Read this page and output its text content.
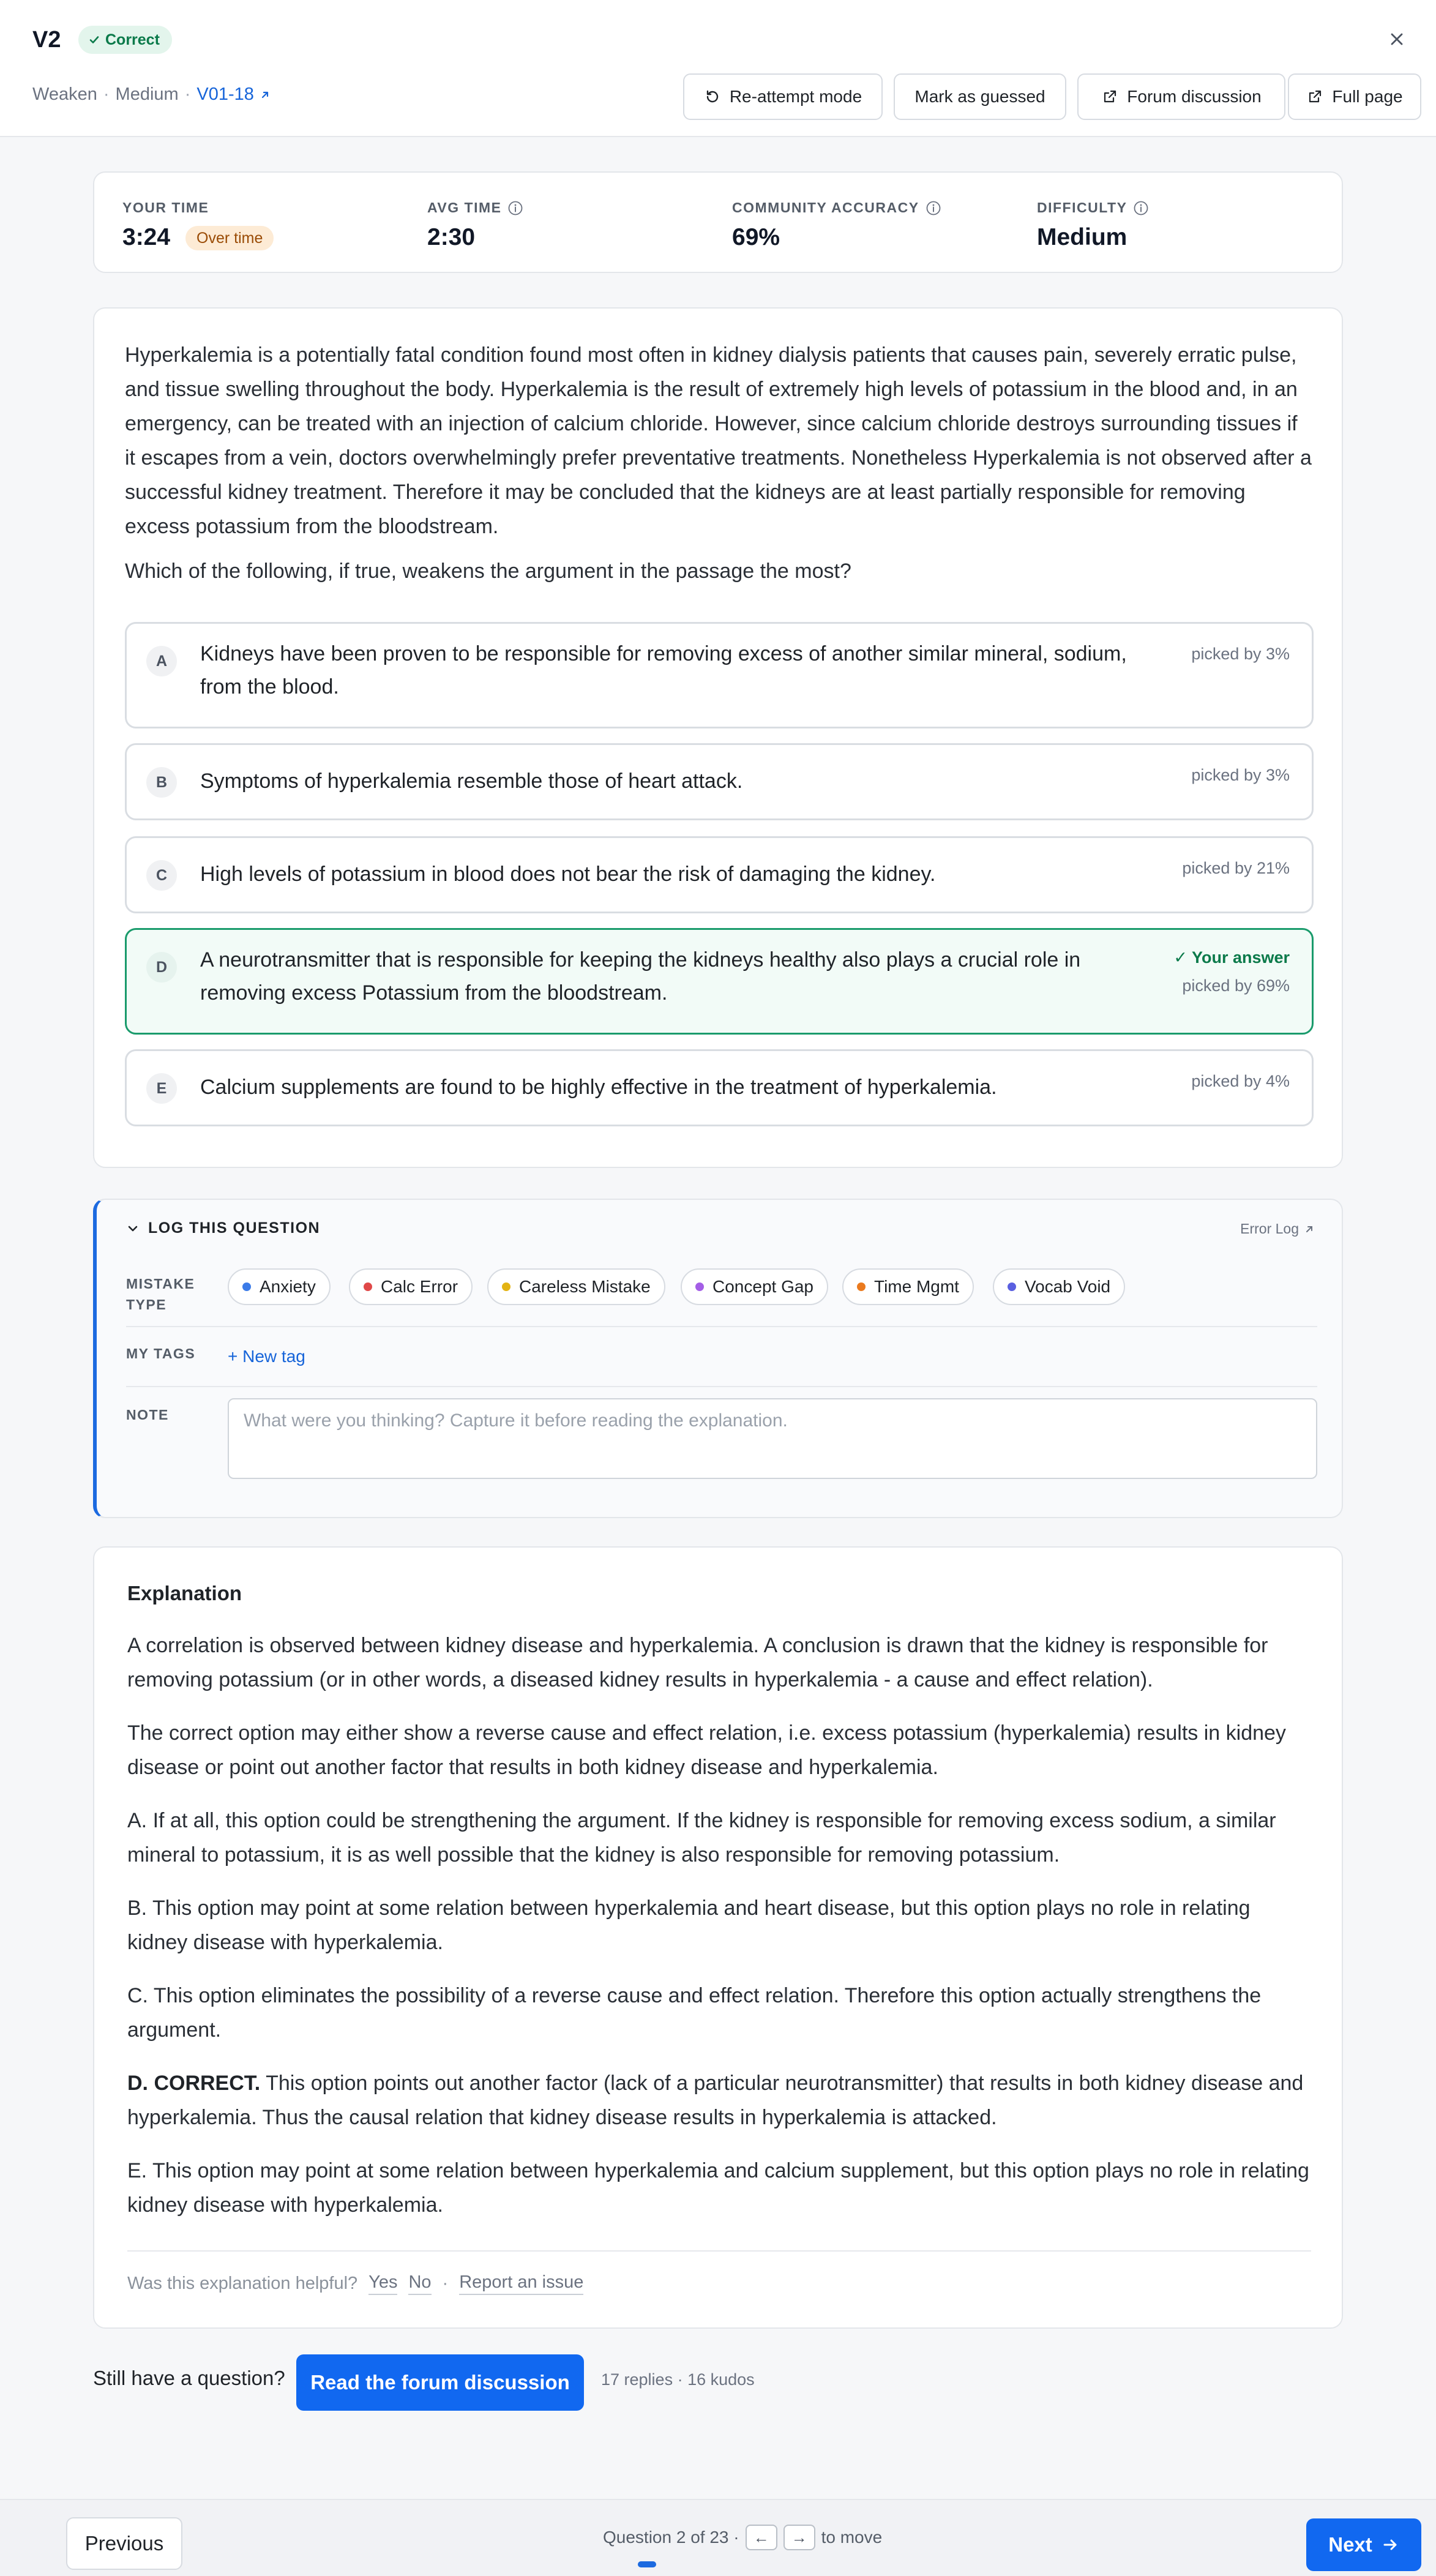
V2	Correct
Weaken · Medium · V01-18	Re-attempt mode	Mark as guessed	Forum discussion	Full page
YOUR TIME
3:24	Over time
AVG TIME
2:30
COMMUNITY ACCURACY
69%
DIFFICULTY
Medium
Hyperkalemia is a potentially fatal condition found most often in kidney dialysis patients that causes pain, severely erratic pulse, and tissue swelling throughout the body. Hyperkalemia is the result of extremely high levels of potassium in the blood and, in an emergency, can be treated with an injection of calcium chloride. However, since calcium chloride destroys surrounding tissues if it escapes from a vein, doctors overwhelmingly prefer preventative treatments. Nonetheless Hyperkalemia is not observed after a successful kidney treatment. Therefore it may be concluded that the kidneys are at least partially responsible for removing excess potassium from the bloodstream.
Which of the following, if true, weakens the argument in the passage the most?
A	Kidneys have been proven to be responsible for removing excess of another similar mineral, sodium, from the blood.
picked by 3%
B	Symptoms of hyperkalemia resemble those of heart attack.	picked by 3%
C	High levels of potassium in blood does not bear the risk of damaging the kidney.	picked by 21%
D	A neurotransmitter that is responsible for keeping the kidneys healthy also plays a crucial role in removing excess Potassium from the bloodstream.
✓ Your answer
picked by 69%
E	Calcium supplements are found to be highly effective in the treatment of hyperkalemia.	picked by 4%
LOG THIS QUESTION	Error Log
MISTAKE
TYPE
Anxiety	Calc Error	Careless Mistake	Concept Gap	Time Mgmt	Vocab Void
MY TAGS + New tag
NOTE
What were you thinking? Capture it before reading the explanation.
Explanation
A correlation is observed between kidney disease and hyperkalemia. A conclusion is drawn that the kidney is responsible for removing potassium (or in other words, a diseased kidney results in hyperkalemia - a cause and effect relation).
The correct option may either show a reverse cause and effect relation, i.e. excess potassium (hyperkalemia) results in kidney disease or point out another factor that results in both kidney disease and hyperkalemia.
A. If at all, this option could be strengthening the argument. If the kidney is responsible for removing excess sodium, a similar mineral to potassium, it is as well possible that the kidney is also responsible for removing potassium.
B. This option may point at some relation between hyperkalemia and heart disease, but this option plays no role in relating kidney disease with hyperkalemia.
C. This option eliminates the possibility of a reverse cause and effect relation. Therefore this option actually strengthens the argument.
D. CORRECT. This option points out another factor (lack of a particular neurotransmitter) that results in both kidney disease and hyperkalemia. Thus the causal relation that kidney disease results in hyperkalemia is attacked.
E. This option may point at some relation between hyperkalemia and calcium supplement, but this option plays no role in relating kidney disease with hyperkalemia.
Was this explanation helpful? Yes No · Report an issue
Still have a question?	Read the forum discussion	17 replies · 16 kudos
Previous	Question 2 of 23 · ←	→ to move	Next
